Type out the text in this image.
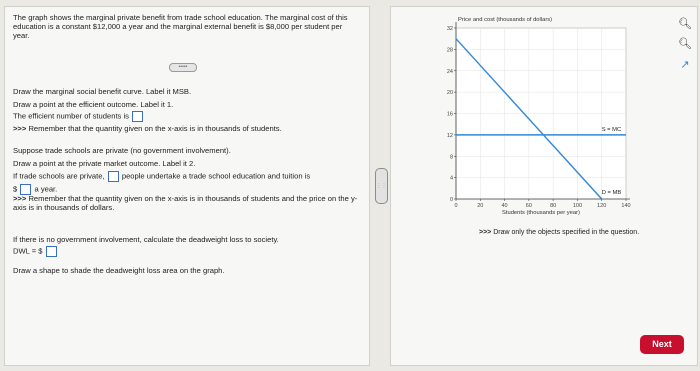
The graph shows the marginal private benefit from trade school education. The marginal cost of this education is a constant $12,000 a year and the marginal external benefit is $8,000 per student per year.
•••••
Draw the marginal social benefit curve. Label it MSB.
Draw a point at the efficient outcome. Label it 1.
The efficient number of students is
>>> Remember that the quantity given on the x-axis is in thousands of students.
Suppose trade schools are private (no government involvement).
Draw a point at the private market outcome. Label it 2.
If trade schools are private, people undertake a trade school education and tuition is
$ a year.
>>> Remember that the quantity given on the x-axis is in thousands of students and the price on the y-axis is in thousands of dollars.
If there is no government involvement, calculate the deadweight loss to society.
DWL = $
Draw a shape to shade the deadweight loss area on the graph.
⋮⋮
0
4
8
12
16
20
24
28
32
0	20	40	60	80	100	120	140
Price and cost (thousands of dollars)
Students (thousands per year)
S = MC
D = MB
🔍︎
🔍︎
↗
>>> Draw only the objects specified in the question.
Next
